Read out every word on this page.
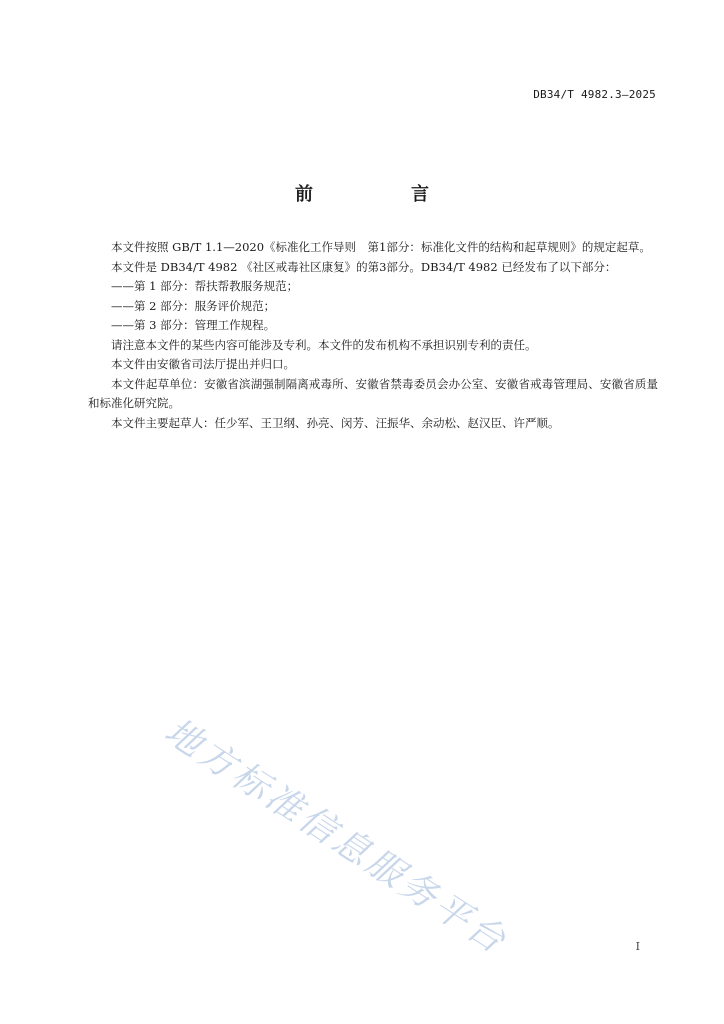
DB34/T 4982.3—2025
前　言

本文件按照 GB/T 1.1—2020《标准化工作导则　第1部分：标准化文件的结构和起草规则》的规定起草。

本文件是 DB34/T 4982 《社区戒毒社区康复》的第3部分。DB34/T 4982 已经发布了以下部分：

——第 1 部分：帮扶帮教服务规范；

——第 2 部分：服务评价规范；

——第 3 部分：管理工作规程。

请注意本文件的某些内容可能涉及专利。本文件的发布机构不承担识别专利的责任。

本文件由安徽省司法厅提出并归口。

本文件起草单位：安徽省滨湖强制隔离戒毒所、安徽省禁毒委员会办公室、安徽省戒毒管理局、安徽省质量和标准化研究院。

本文件主要起草人：任少军、王卫纲、孙亮、闵芳、汪振华、余动松、赵汉臣、许严顺。

地方标准信息服务平台	I
